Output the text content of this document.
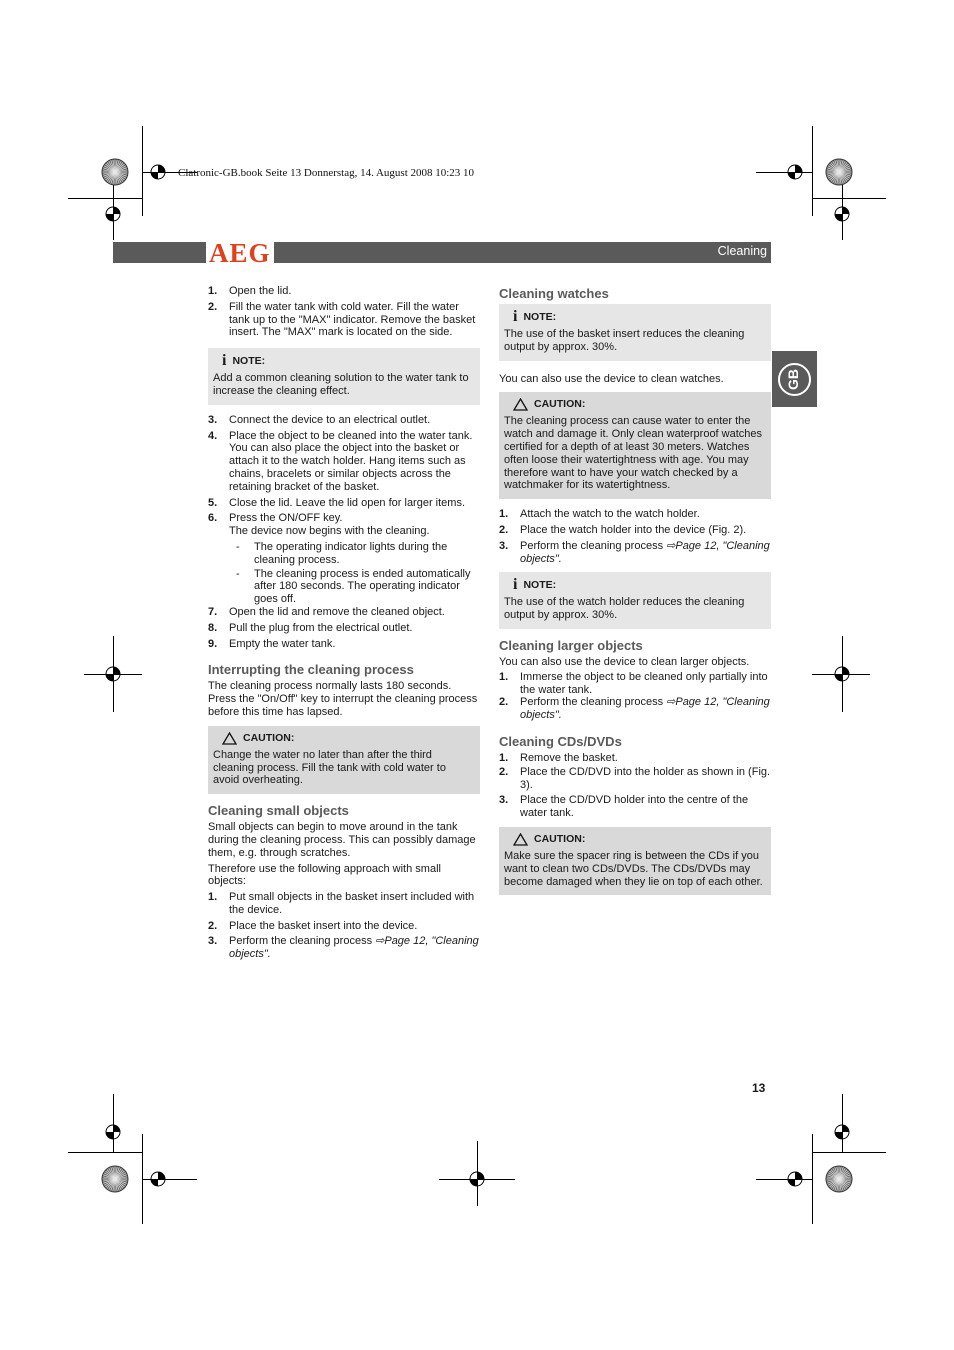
Clatronic-GB.book Seite 13 Donnerstag, 14. August 2008 10:23 10
AEG	Cleaning
GB
1. Open the lid.
2. Fill the water tank with cold water. Fill the water tank up to the "MAX" indicator. Remove the basket insert. The "MAX" mark is located on the side.
i NOTE:
Add a common cleaning solution to the water tank to increase the cleaning effect.
3. Connect the device to an electrical outlet.
4. Place the object to be cleaned into the water tank. You can also place the object into the basket or attach it to the watch holder. Hang items such as chains, bracelets or similar objects across the retaining bracket of the basket.
5. Close the lid. Leave the lid open for larger items.
6. Press the ON/OFF key.
The device now begins with the cleaning.
- The operating indicator lights during the cleaning process.
- The cleaning process is ended automatically after 180 seconds. The operating indicator goes off.
7. Open the lid and remove the cleaned object.
8. Pull the plug from the electrical outlet.
9. Empty the water tank.
Interrupting the cleaning process
The cleaning process normally lasts 180 seconds. Press the "On/Off" key to interrupt the cleaning process before this time has lapsed.
CAUTION:
Change the water no later than after the third cleaning process. Fill the tank with cold water to avoid overheating.
Cleaning small objects
Small objects can begin to move around in the tank during the cleaning process. This can possibly damage them, e.g. through scratches.
Therefore use the following approach with small objects:
1. Put small objects in the basket insert included with the device.
2. Place the basket insert into the device.
3. Perform the cleaning process ⇨Page 12, "Cleaning objects".
Cleaning watches
i NOTE:
The use of the basket insert reduces the cleaning output by approx. 30%.
You can also use the device to clean watches.
CAUTION:
The cleaning process can cause water to enter the watch and damage it. Only clean waterproof watches certified for a depth of at least 30 meters. Watches often loose their watertightness with age. You may therefore want to have your watch checked by a watchmaker for its watertightness.
1. Attach the watch to the watch holder.
2. Place the watch holder into the device (Fig. 2).
3. Perform the cleaning process ⇨Page 12, "Cleaning objects".
i NOTE:
The use of the watch holder reduces the cleaning output by approx. 30%.
Cleaning larger objects
You can also use the device to clean larger objects.
1. Immerse the object to be cleaned only partially into the water tank.
2. Perform the cleaning process ⇨Page 12, "Cleaning objects".
Cleaning CDs/DVDs
1. Remove the basket.
2. Place the CD/DVD into the holder as shown in (Fig. 3).
3. Place the CD/DVD holder into the centre of the water tank.
CAUTION:
Make sure the spacer ring is between the CDs if you want to clean two CDs/DVDs. The CDs/DVDs may become damaged when they lie on top of each other.
13
